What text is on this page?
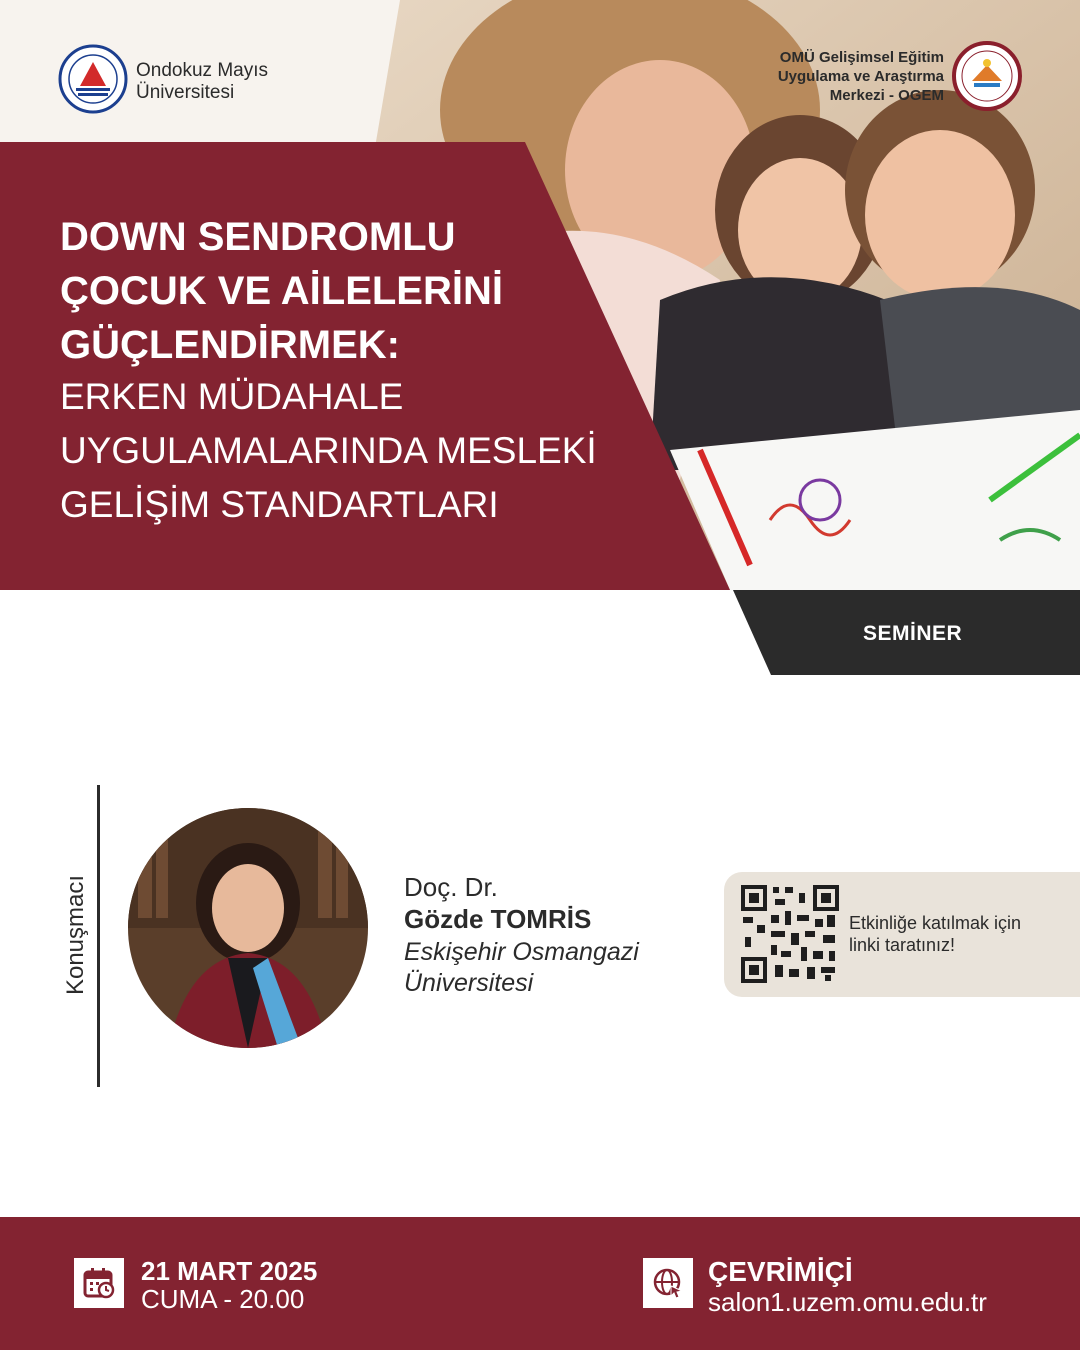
Ondokuz Mayıs Üniversitesi
OMÜ Gelişimsel Eğitim Uygulama ve Araştırma Merkezi - OGEM
DOWN SENDROMLU ÇOCUK VE AİLELERİNİ GÜÇLENDİRMEK:
ERKEN MÜDAHALE UYGULAMALARINDA MESLEKİ GELİŞİM STANDARTLARI
SEMİNER
Konuşmacı	Doç. Dr.
Gözde TOMRİS
Eskişehir Osmangazi Üniversitesi
Etkinliğe katılmak için linki taratınız!
21 MART 2025
CUMA - 20.00
ÇEVRİMİÇİ
salon1.uzem.omu.edu.tr
